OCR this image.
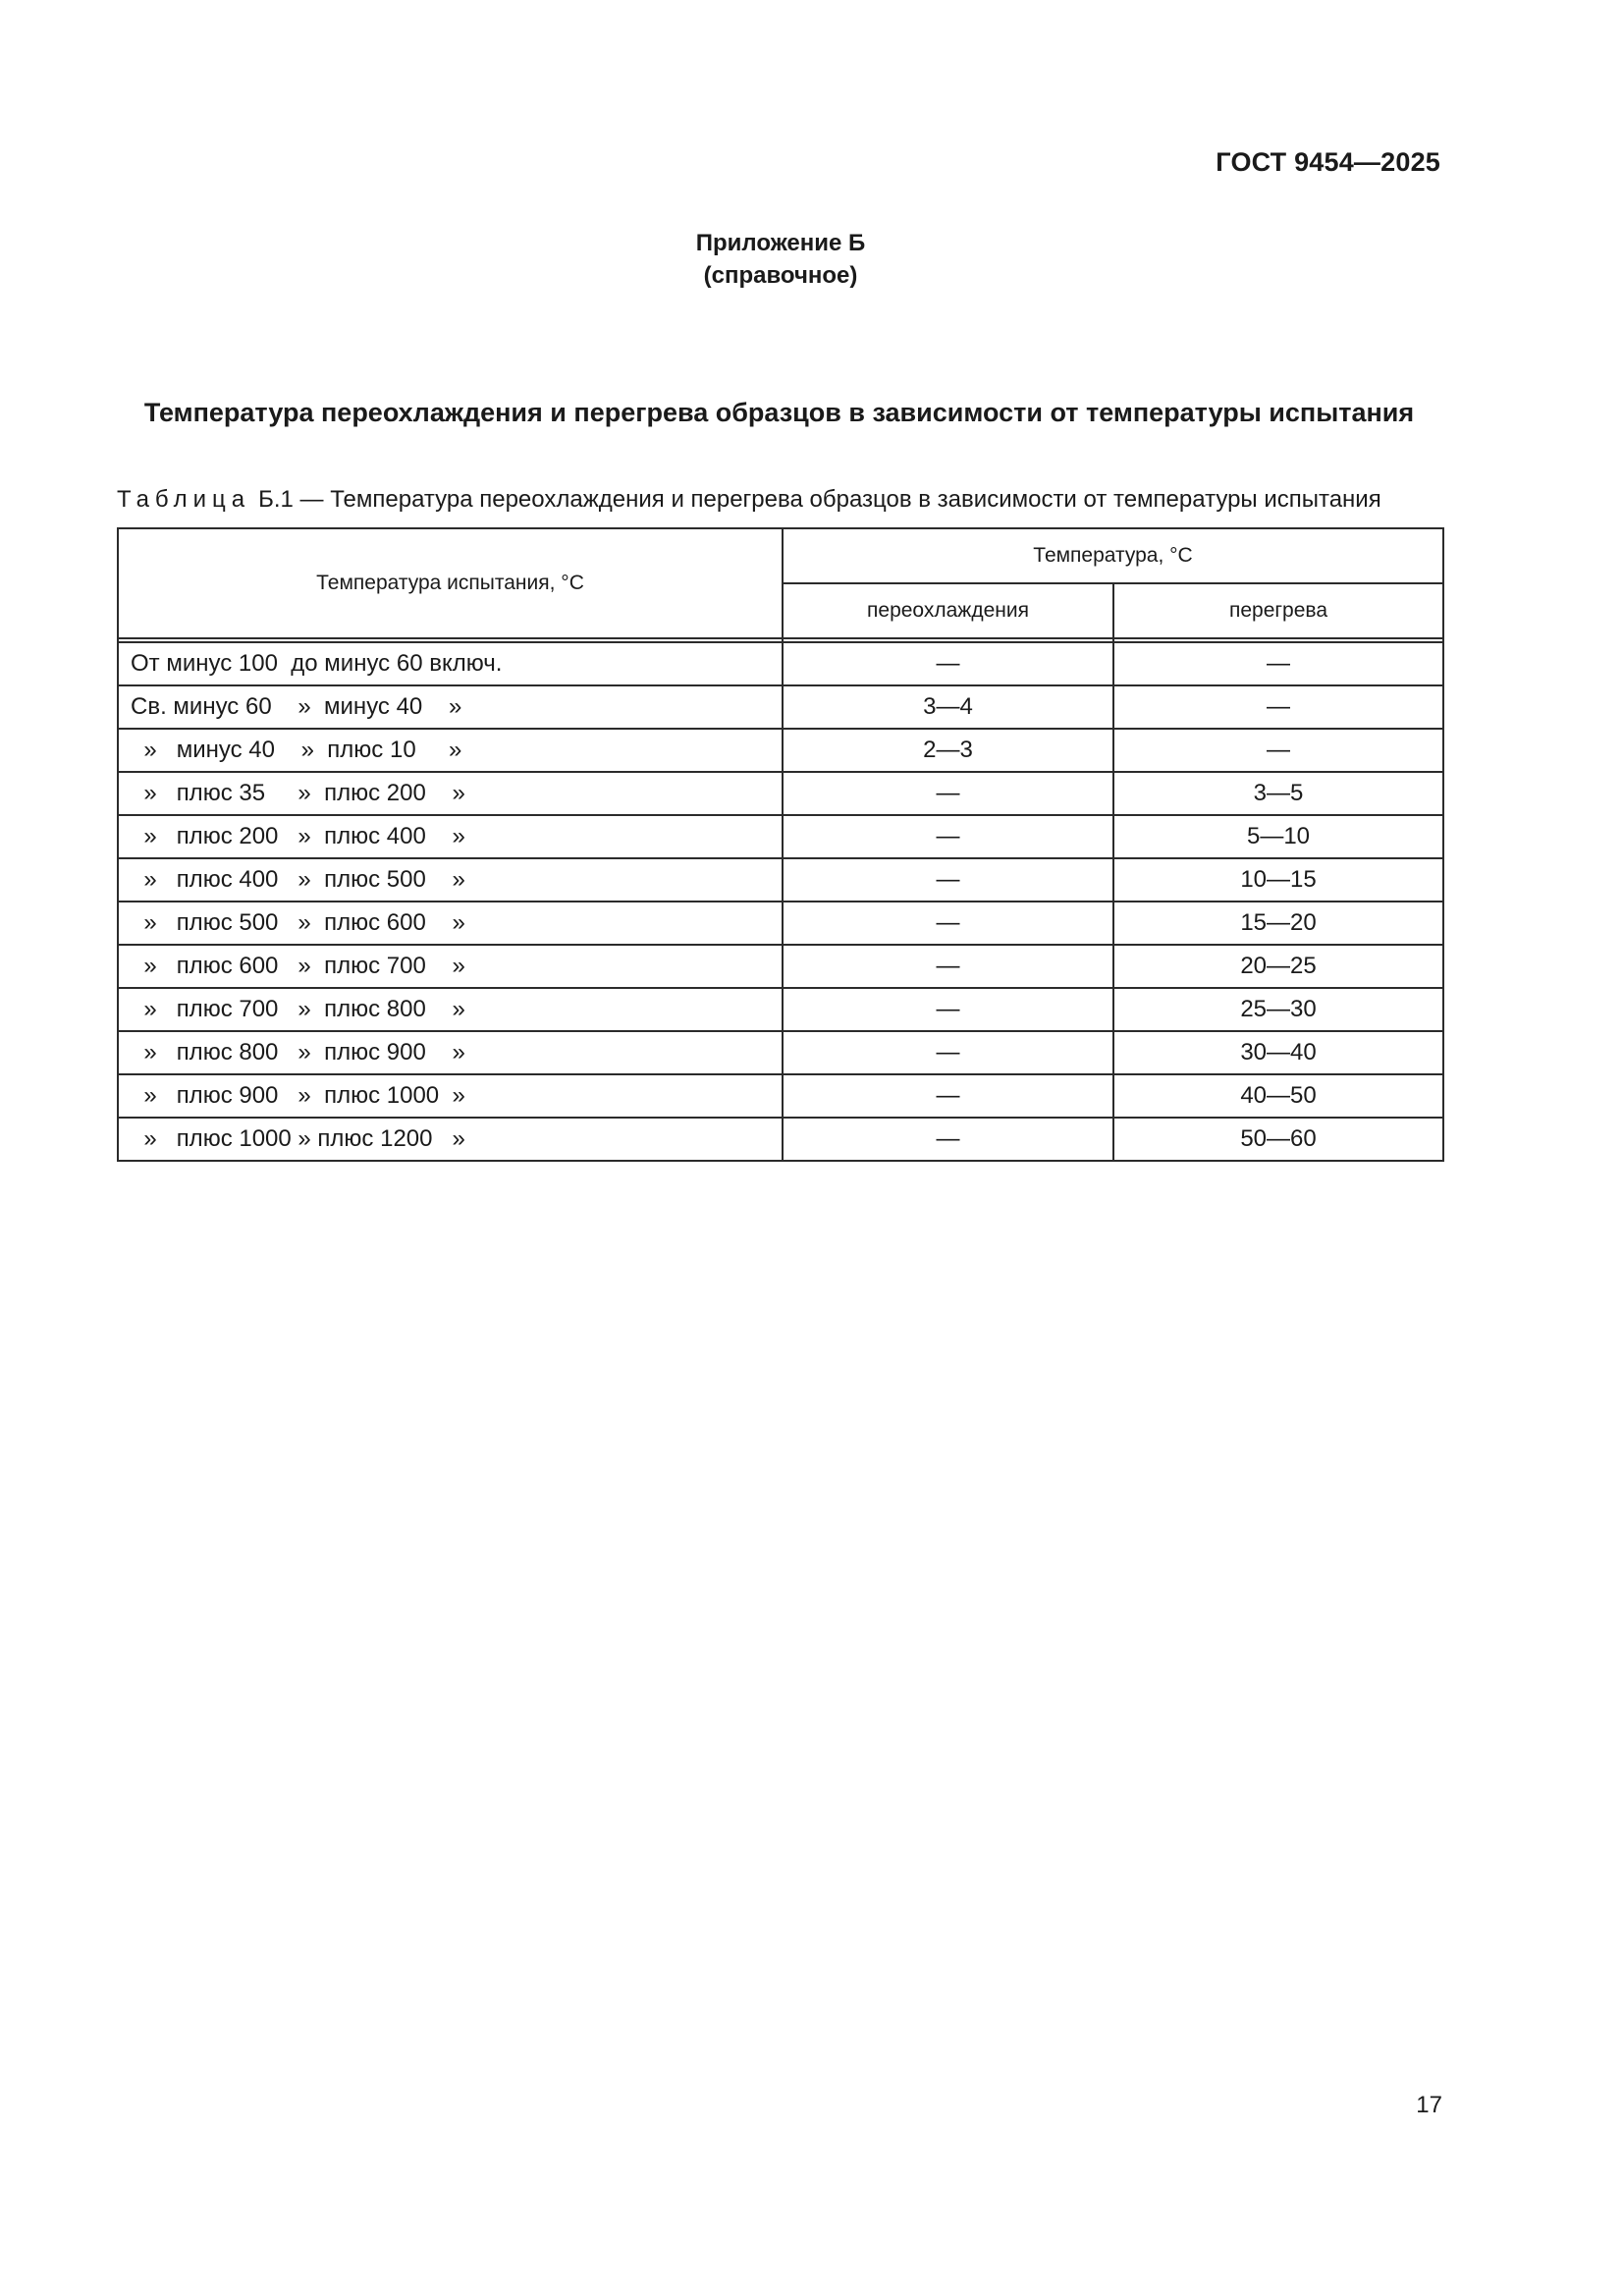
ГОСТ 9454—2025
Приложение Б
(справочное)
Температура переохлаждения и перегрева образцов в зависимости от температуры испытания
Таблица Б.1 — Температура переохлаждения и перегрева образцов в зависимости от температуры испытания
Температура испытания, °С	Температура, °С	
	переохлаждения	перегрева

От минус 100  до минус 60 включ.	—	—
Св. минус 60    »  минус 40    »	3—4	—
»   минус 40    »  плюс 10     »	2—3	—
»   плюс 35     »  плюс 200    »	—	3—5
»   плюс 200   »  плюс 400    »	—	5—10
»   плюс 400   »  плюс 500    »	—	10—15
»   плюс 500   »  плюс 600    »	—	15—20
»   плюс 600   »  плюс 700    »	—	20—25
»   плюс 700   »  плюс 800    »	—	25—30
»   плюс 800   »  плюс 900    »	—	30—40
»   плюс 900   »  плюс 1000  »	—	40—50
»   плюс 1000 » плюс 1200   »	—	50—60
17
